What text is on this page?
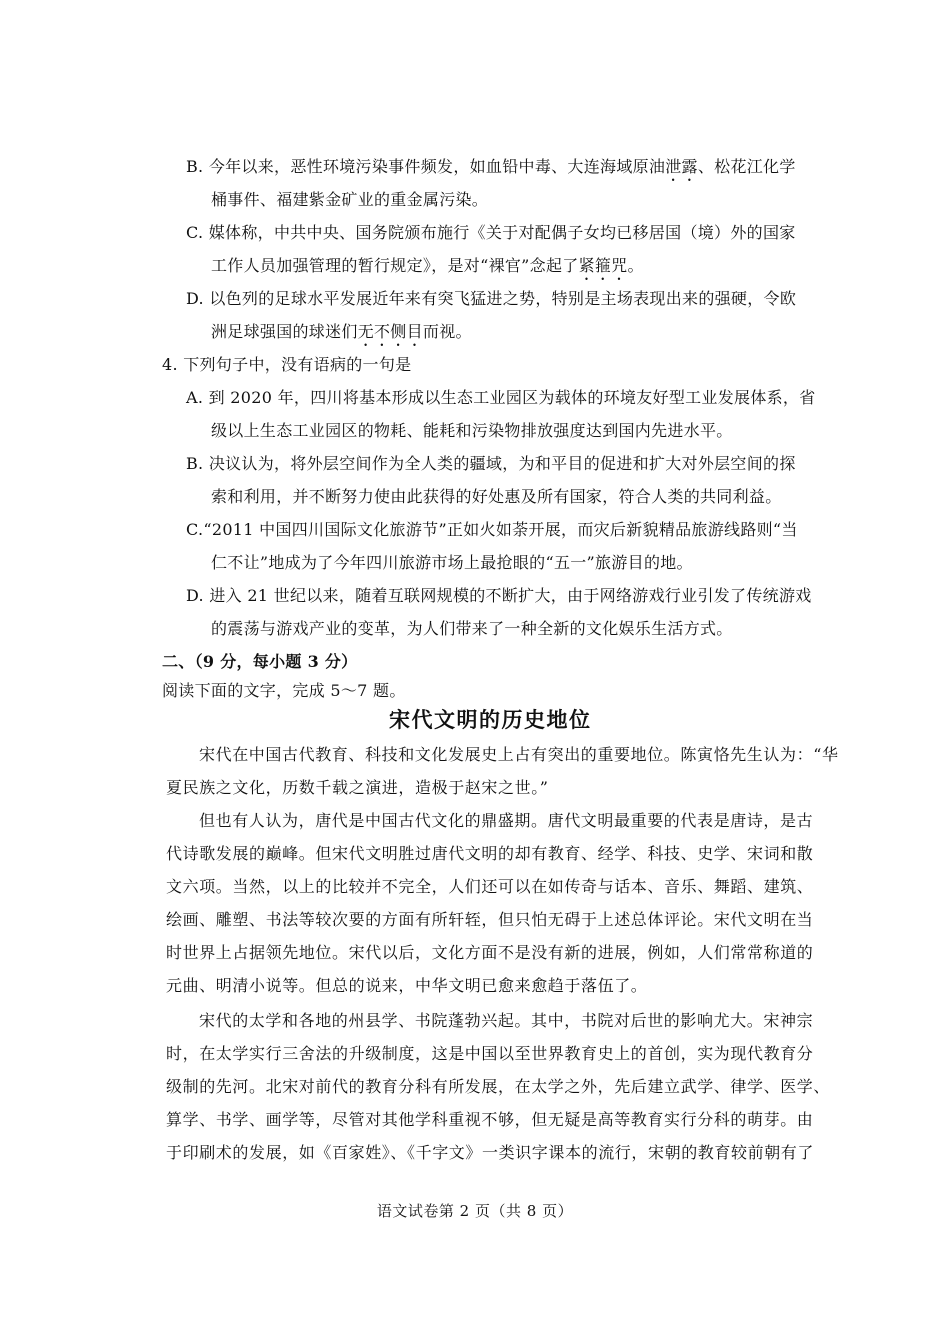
B. 今年以来，恶性环境污染事件频发，如血铅中毒、大连海域原油泄露、松花江化学
桶事件、福建紫金矿业的重金属污染。
C. 媒体称，中共中央、国务院颁布施行《关于对配偶子女均已移居国（境）外的国家
工作人员加强管理的暂行规定》，是对“裸官”念起了紧箍咒。
D. 以色列的足球水平发展近年来有突飞猛进之势，特别是主场表现出来的强硬，令欧
洲足球强国的球迷们无不侧目而视。
4. 下列句子中，没有语病的一句是
A. 到 2020 年，四川将基本形成以生态工业园区为载体的环境友好型工业发展体系，省
级以上生态工业园区的物耗、能耗和污染物排放强度达到国内先进水平。
B. 决议认为，将外层空间作为全人类的疆域，为和平目的促进和扩大对外层空间的探
索和利用，并不断努力使由此获得的好处惠及所有国家，符合人类的共同利益。
C.“2011 中国四川国际文化旅游节”正如火如荼开展，而灾后新貌精品旅游线路则“当
仁不让”地成为了今年四川旅游市场上最抢眼的“五一”旅游目的地。
D. 进入 21 世纪以来，随着互联网规模的不断扩大，由于网络游戏行业引发了传统游戏
的震荡与游戏产业的变革，为人们带来了一种全新的文化娱乐生活方式。
二、（9 分，每小题 3 分）
阅读下面的文字，完成 5～7 题。
宋代文明的历史地位
宋代在中国古代教育、科技和文化发展史上占有突出的重要地位。陈寅恪先生认为：“华
夏民族之文化，历数千载之演进，造极于赵宋之世。”
但也有人认为，唐代是中国古代文化的鼎盛期。唐代文明最重要的代表是唐诗，是古
代诗歌发展的巅峰。但宋代文明胜过唐代文明的却有教育、经学、科技、史学、宋词和散
文六项。当然，以上的比较并不完全，人们还可以在如传奇与话本、音乐、舞蹈、建筑、
绘画、雕塑、书法等较次要的方面有所轩轾，但只怕无碍于上述总体评论。宋代文明在当
时世界上占据领先地位。宋代以后，文化方面不是没有新的进展，例如，人们常常称道的
元曲、明清小说等。但总的说来，中华文明已愈来愈趋于落伍了。
宋代的太学和各地的州县学、书院蓬勃兴起。其中，书院对后世的影响尤大。宋神宗
时，在太学实行三舍法的升级制度，这是中国以至世界教育史上的首创，实为现代教育分
级制的先河。北宋对前代的教育分科有所发展，在太学之外，先后建立武学、律学、医学、
算学、书学、画学等，尽管对其他学科重视不够，但无疑是高等教育实行分科的萌芽。由
于印刷术的发展，如《百家姓》、《千字文》一类识字课本的流行，宋朝的教育较前朝有了
语文试卷第 2 页（共 8 页）
